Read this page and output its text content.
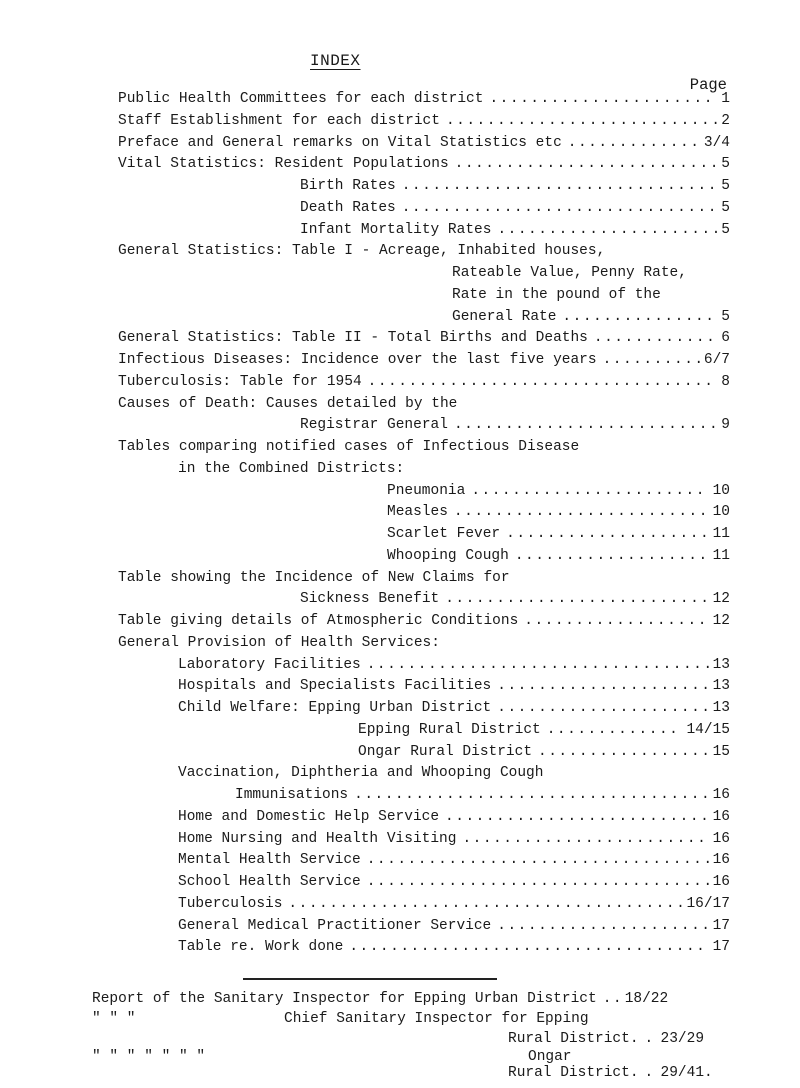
INDEX
Page
Public Health Committees for each district .....	1
Staff Establishment for each district .....	2
Preface and General remarks on Vital Statistics etc .....	3/4
Vital Statistics: Resident Populations .....	5
Birth Rates .....	5
Death Rates .....	5
Infant Mortality Rates .....	5
General Statistics: Table I - Acreage, Inhabited houses,
Rateable Value, Penny Rate,
Rate in the pound of the
General Rate .....	5
General Statistics: Table II - Total Births and Deaths .....	6
Infectious Diseases: Incidence over the last five years .....	6/7
Tuberculosis: Table for 1954 .....	8
Causes of Death: Causes detailed by the
Registrar General .....	9
Tables comparing notified cases of Infectious Disease
in the Combined Districts:
Pneumonia .....	10
Measles .....	10
Scarlet Fever .....	11
Whooping Cough .....	11
Table showing the Incidence of New Claims for
Sickness Benefit .....	12
Table giving details of Atmospheric Conditions .....	12
General Provision of Health Services:
Laboratory Facilities .....	13
Hospitals and Specialists Facilities .....	13
Child Welfare: Epping Urban District .....	13
Epping Rural District .....	14/15
Ongar Rural District .....	15
Vaccination, Diphtheria and Whooping Cough
Immunisations .....	16
Home and Domestic Help Service .....	16
Home Nursing and Health Visiting .....	16
Mental Health Service .....	16
School Health Service .....	16
Tuberculosis .....	16/17
General Medical Practitioner Service .....	17
Table re. Work done .....	17
Report of the Sanitary Inspector for Epping Urban District ..... 18/22
" " "	Chief Sanitary Inspector for Epping
Rural District. ..... 23/29
" " " " " " "	Ongar
Rural District. ..... 29/41.
